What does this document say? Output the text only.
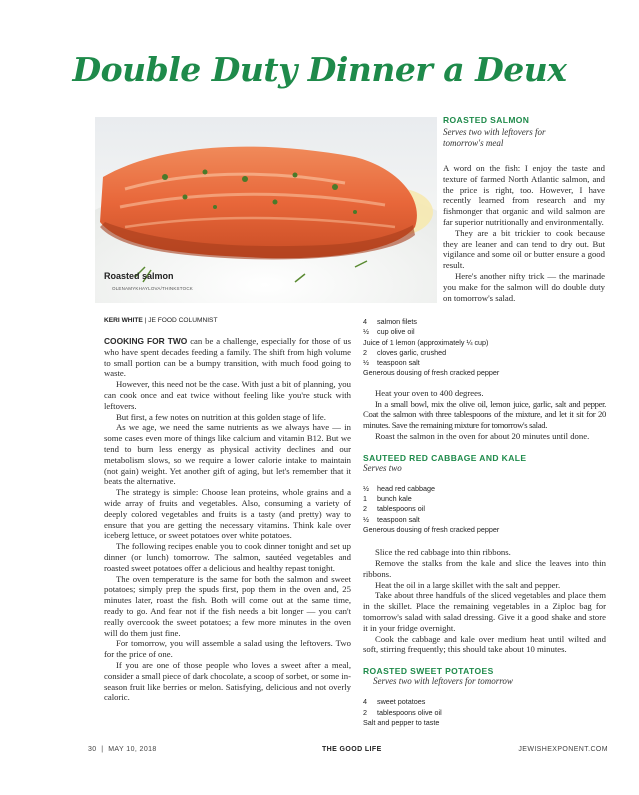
Double Duty Dinner a Deux
Roasted salmon
OLENAMYKHAYLOVA/THINKSTOCK
ROASTED SALMON
Serves two with leftovers for tomorrow's meal

A word on the fish: I enjoy the taste and texture of farmed North Atlantic salmon, and the price is right, too. However, I have recently learned from research and my fishmonger that organic and wild salmon are far superior nutritionally and environmentally.

They are a bit trickier to cook because they are leaner and can tend to dry out. But vigilance and some oil or butter ensure a good result.

Here's another nifty trick — the marinade you make for the salmon will do double duty on tomorrow's salad.

KERI WHITE | JE FOOD COLUMNIST

COOKING FOR TWO can be a challenge, especially for those of us who have spent decades feeding a family. The shift from high volume to small portion can be a bumpy transition, with much food going to waste.

However, this need not be the case. With just a bit of planning, you can cook once and eat twice without feeling like you're stuck with leftovers.

But first, a few notes on nutrition at this golden stage of life.

As we age, we need the same nutrients as we always have — in some cases even more of things like calcium and vitamin B12. But we tend to burn less energy as physical activity declines and our metabolism slows, so we require a lower calorie intake to maintain (not gain) weight. Yet another gift of aging, but let's remember that it beats the alternative.

The strategy is simple: Choose lean proteins, whole grains and a wide array of fruits and vegetables. Also, consuming a variety of deeply colored vegetables and fruits is a tasty (and pretty) way to ensure that you are getting the necessary vitamins. Think kale over iceberg lettuce, or sweet potatoes over white potatoes.

The following recipes enable you to cook dinner tonight and set up dinner (or lunch) tomorrow. The salmon, sautéed vegetables and roasted sweet potatoes offer a delicious and healthy repast tonight.

The oven temperature is the same for both the salmon and sweet potatoes; simply prep the spuds first, pop them in the oven and, 25 minutes later, roast the fish. Both will come out at the same time, ready to go. And fear not if the fish needs a bit longer — you can't really overcook the sweet potatoes; a few more minutes in the oven will do them just fine.

For tomorrow, you will assemble a salad using the leftovers. Two for the price of one.

If you are one of those people who loves a sweet after a meal, consider a small piece of dark chocolate, a scoop of sorbet, or some in-season fruit like berries or melon. Satisfying, delicious and not overly caloric.

4 salmon filets
½ cup olive oil
Juice of 1 lemon (approximately ¼ cup)
2 cloves garlic, crushed
½ teaspoon salt
Generous dousing of fresh cracked pepper

Heat your oven to 400 degrees.

In a small bowl, mix the olive oil, lemon juice, garlic, salt and pepper. Coat the salmon with three tablespoons of the mixture, and let it sit for 20 minutes. Save the remaining mixture for tomorrow's salad.

Roast the salmon in the oven for about 20 minutes until done.

SAUTEED RED CABBAGE AND KALE
Serves two
½ head red cabbage
1 bunch kale
2 tablespoons oil
½ teaspoon salt
Generous dousing of fresh cracked pepper

Slice the red cabbage into thin ribbons.

Remove the stalks from the kale and slice the leaves into thin ribbons.

Heat the oil in a large skillet with the salt and pepper.

Take about three handfuls of the sliced vegetables and place them in the skillet. Place the remaining vegetables in a Ziploc bag for tomorrow's salad with salad dressing. Give it a good shake and store it in your fridge overnight.

Cook the cabbage and kale over medium heat until wilted and soft, stirring frequently; this should take about 10 minutes.

ROASTED SWEET POTATOES
Serves two with leftovers for tomorrow
4 sweet potatoes
2 tablespoons olive oil
Salt and pepper to taste
30  |  MAY 10, 2018	THE GOOD LIFE	JEWISHEXPONENT.COM
